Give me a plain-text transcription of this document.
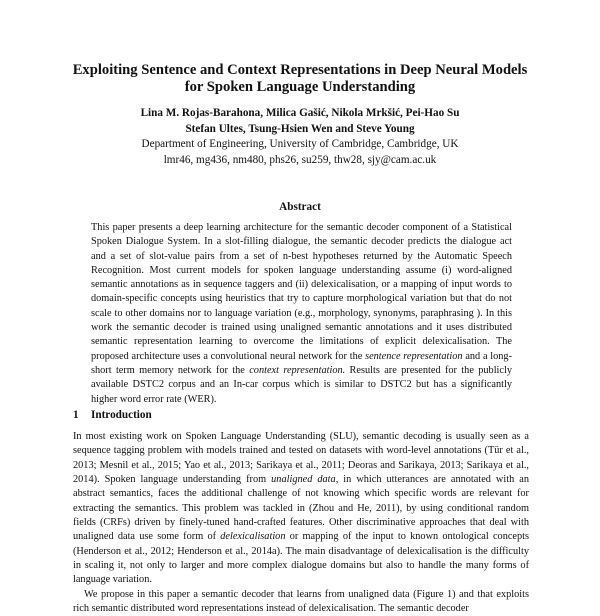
Exploiting Sentence and Context Representations in Deep Neural Models
for Spoken Language Understanding
Lina M. Rojas-Barahona, Milica Gašić, Nikola Mrkšić, Pei-Hao Su
Stefan Ultes, Tsung-Hsien Wen and Steve Young
Department of Engineering, University of Cambridge, Cambridge, UK
lmr46, mg436, nm480, phs26, su259, thw28, sjy@cam.ac.uk
Abstract
This paper presents a deep learning architecture for the semantic decoder component of a Statistical Spoken Dialogue System. In a slot-filling dialogue, the semantic decoder predicts the dialogue act and a set of slot-value pairs from a set of n-best hypotheses returned by the Automatic Speech Recognition. Most current models for spoken language understanding assume (i) word-aligned semantic annotations as in sequence taggers and (ii) delexicalisation, or a mapping of input words to domain-specific concepts using heuristics that try to capture morphological variation but that do not scale to other domains nor to language variation (e.g., morphology, synonyms, paraphrasing ). In this work the semantic decoder is trained using unaligned semantic annotations and it uses distributed semantic representation learning to overcome the limitations of explicit delexicalisation. The proposed architecture uses a convolutional neural network for the sentence representation and a long-short term memory network for the context representation. Results are presented for the publicly available DSTC2 corpus and an In-car corpus which is similar to DSTC2 but has a significantly higher word error rate (WER).
1 Introduction

In most existing work on Spoken Language Understanding (SLU), semantic decoding is usually seen as a sequence tagging problem with models trained and tested on datasets with word-level annotations (Tür et al., 2013; Mesnil et al., 2015; Yao et al., 2013; Sarikaya et al., 2011; Deoras and Sarikaya, 2013; Sarikaya et al., 2014). Spoken language understanding from unaligned data, in which utterances are annotated with an abstract semantics, faces the additional challenge of not knowing which specific words are relevant for extracting the semantics. This problem was tackled in (Zhou and He, 2011), by using conditional random fields (CRFs) driven by finely-tuned hand-crafted features. Other discriminative approaches that deal with unaligned data use some form of delexicalisation or mapping of the input to known ontological concepts (Henderson et al., 2012; Henderson et al., 2014a). The main disadvantage of delexicalisation is the difficulty in scaling it, not only to larger and more complex dialogue domains but also to handle the many forms of language variation.

We propose in this paper a semantic decoder that learns from unaligned data (Figure 1) and that exploits rich semantic distributed word representations instead of delexicalisation. The semantic decoder
